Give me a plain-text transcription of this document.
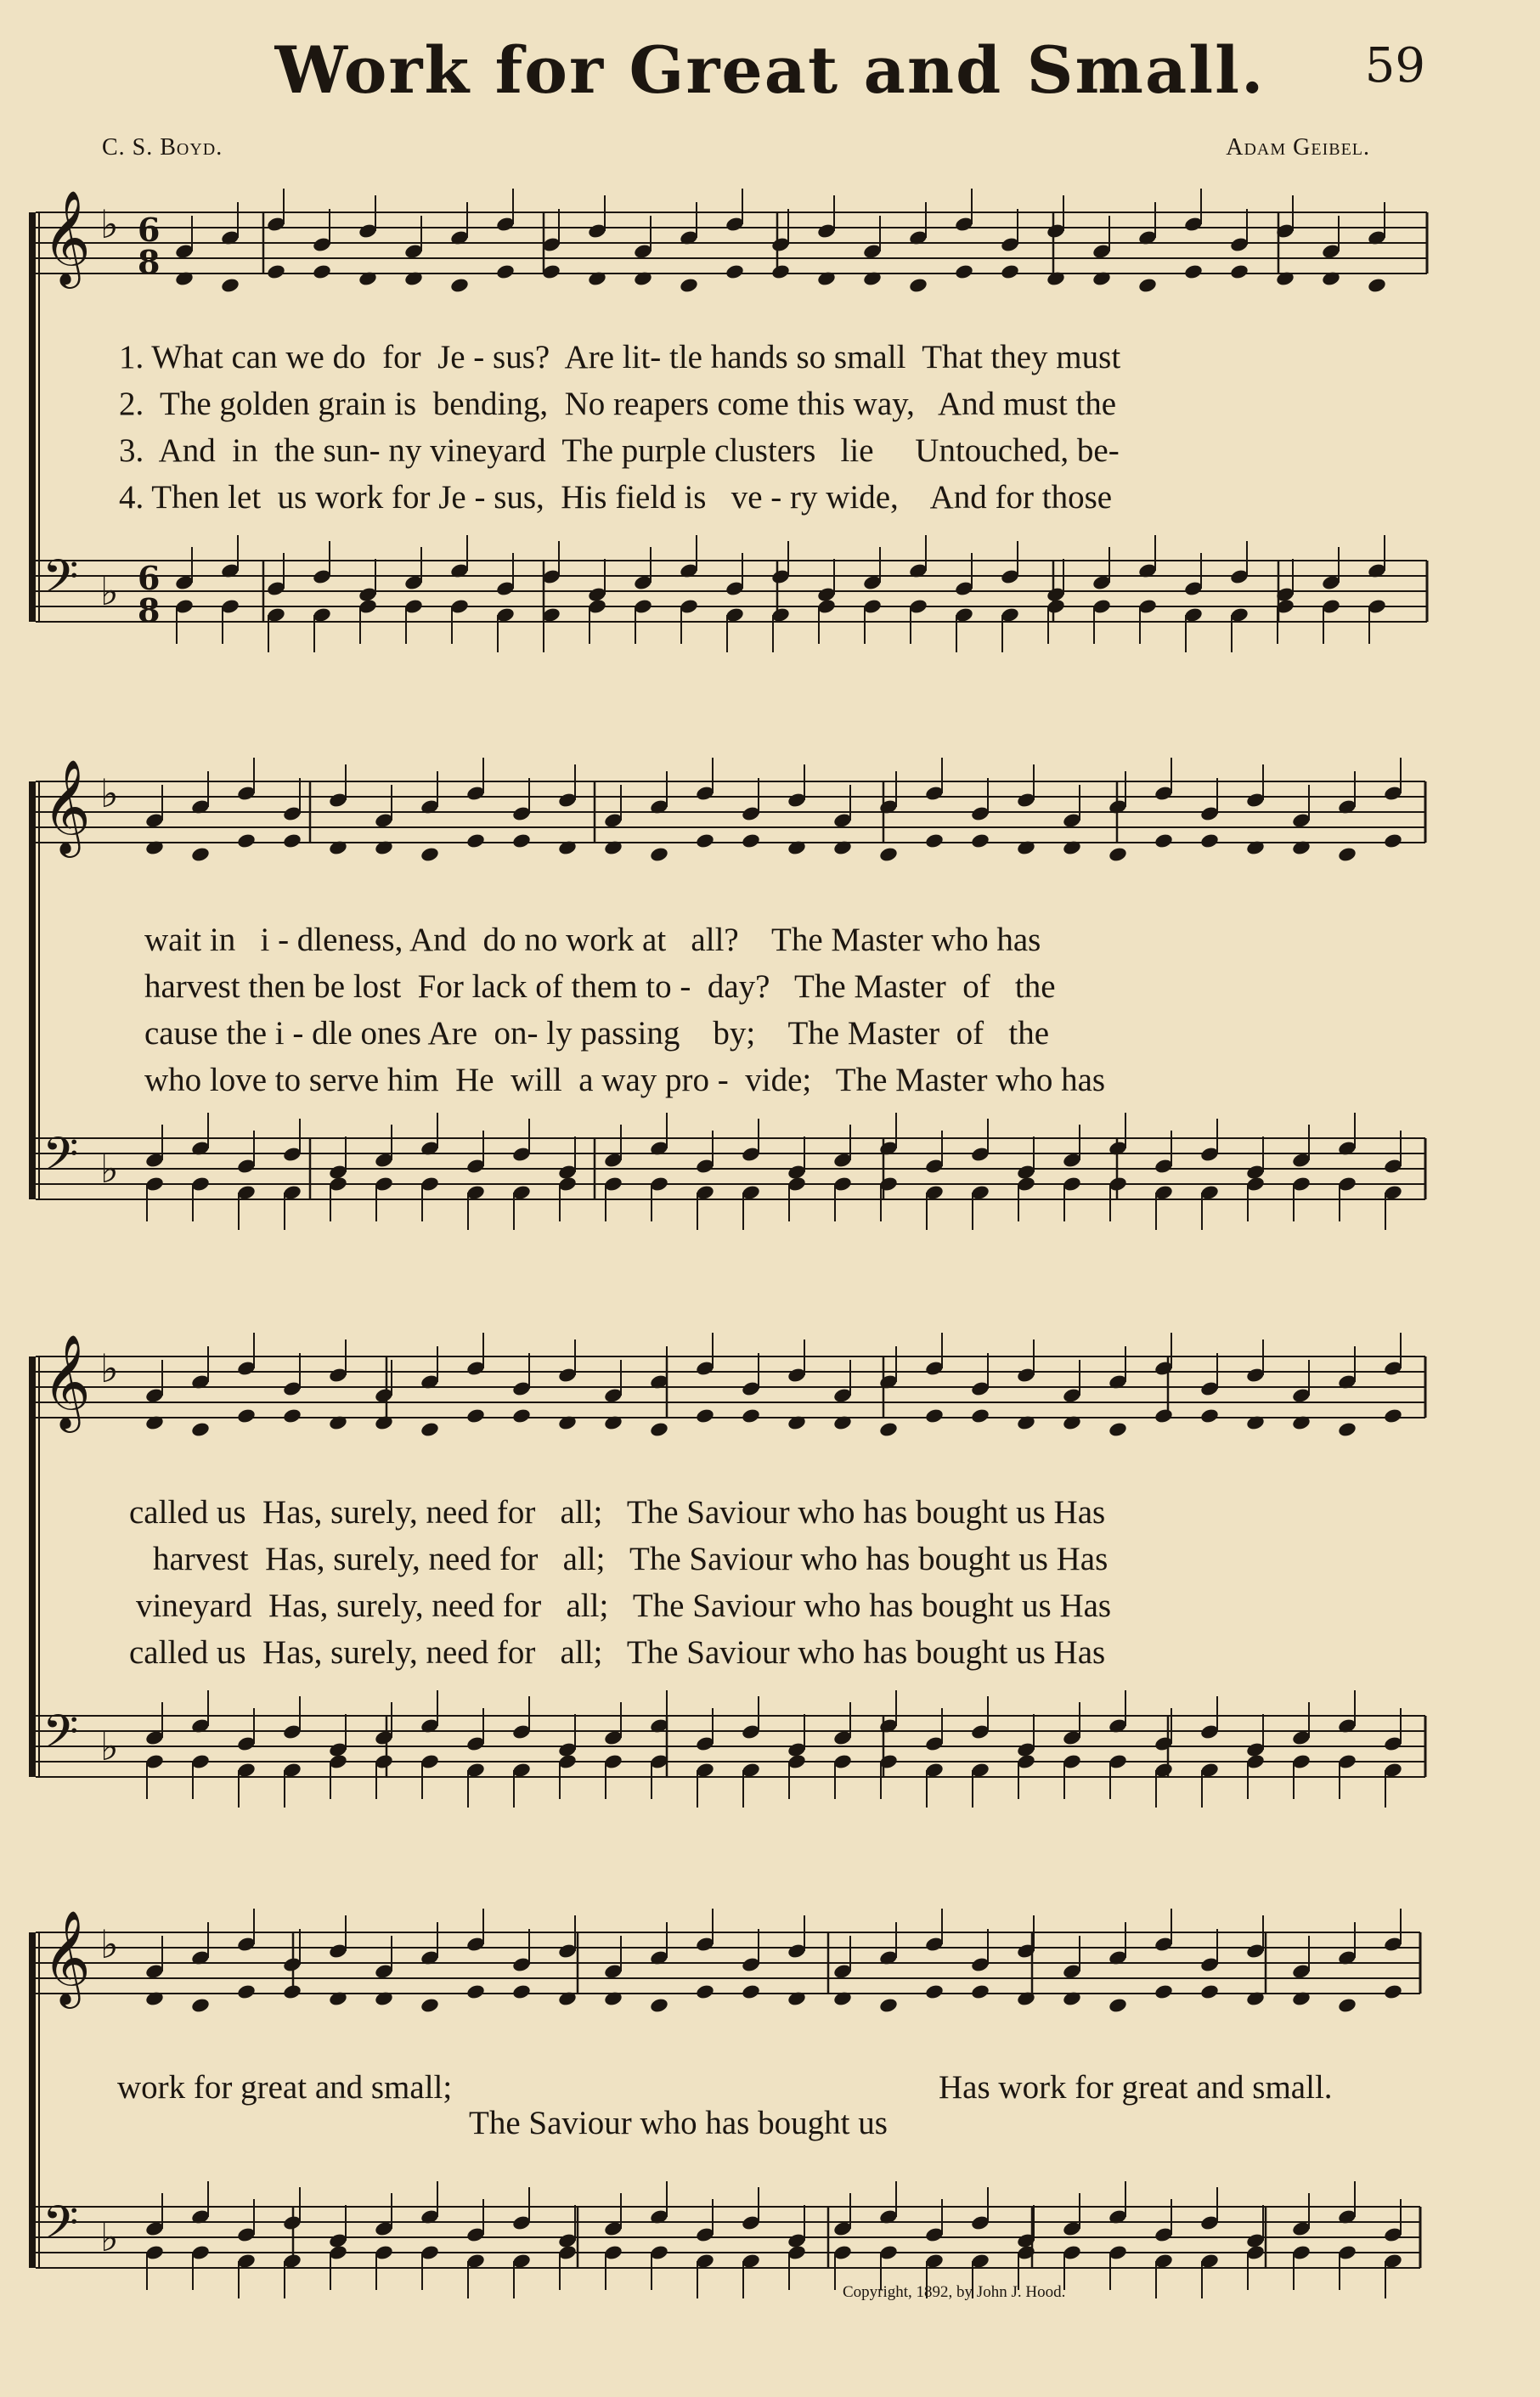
Work for Great and Small.	59
C. S. Boyd.	Adam Geibel.
𝄞 ♭ 6
8
𝄢 ♭ 6
8
𝄞 ♭
𝄢 ♭
𝄞 ♭
𝄢 ♭
𝄞 ♭
𝄢 ♭
1. What can we do  for  Je - sus?  Are lit- tle hands so small  That they must
2.  The golden grain is  bending,  No reapers come this way,   And must the
3.  And  in  the sun- ny vineyard  The purple clusters   lie     Untouched, be-
4. Then let  us work for Je - sus,  His field is   ve - ry wide,    And for those
wait in   i - dleness, And  do no work at   all?    The Master who has
harvest then be lost  For lack of them to -  day?   The Master  of   the
cause the i - dle ones Are  on- ly passing    by;    The Master  of   the
who love to serve him  He  will  a way pro -  vide;   The Master who has
called us  Has, surely, need for   all;   The Saviour who has bought us Has
harvest  Has, surely, need for   all;   The Saviour who has bought us Has
vineyard  Has, surely, need for   all;   The Saviour who has bought us Has
called us  Has, surely, need for   all;   The Saviour who has bought us Has
work for great and small;	Has work for great and small.
The Saviour who has bought us
Copyright, 1892, by John J. Hood.
